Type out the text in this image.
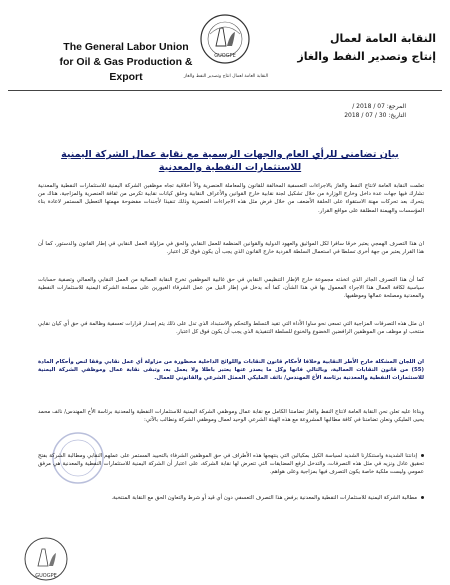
The General Labor Union
for Oil & Gas Production & Export
GUOGPE
النقابة العامة لعمال انتاج وتصدير النفط والغاز
النقابة العامة لعمال
إنتاج وتصدير النفط والغاز
المرجع: 07 / 2018 /
التاريخ: 30 / 07 / 2018
بيان تضامني للرأي العام والجهات الرسمية مع نقابة عمال الشركة اليمنية
للاستثمارات النفطية والمعدنية
تعلمت النقابة العامة لانتاج النفط والغاز بالاجراءات التعسفية المخالفة للقانون والمعاملة العنصرية والأ أخلاقية تجاه موظفين الشركة اليمنية للاستثمارات النفطية والمعدنية تشارك فيها جهات عدة داخل وخارج الوزارة من خلال تشكيل لجنة نقابية خارج القوانين والأعراف النقابية وخلق كيانات نقابية تكرس من ثقافة العنصرية والمزاجية، هناك من يتحرك بعد تحركات مهنة الاستقواء على الحلقة الأضعف من خلال فرض مثل هذه الاجراءات العنصرية وذلك تنفيذا لأجندات مفضوحة مهمتها التعطيل المستمر لاعادة بناء المؤسسات والهيمنة المطلقة على مواقع القرار.
ان هذا التصرف الهمجي يعتبر خرقا سافرا لكل المواثيق والعهود الدولية والقوانين المنظمة للعمل النقابي والحق في مزاولة العمل النقابي في إطار القانون والدستور، كما أن هذا القرار يعتبر من جهة أخرى تسلطا في استعمال السلطة الفردية خارج القانون الذي يجب أن يكون فوق كل اعتبار.
كما أن هذا التصرف الجائر الذي اتخذته مجموعة خارج الإطار التنظيمي النقابي في حق غالبية الموظفين تخرج النقابة العمالية من العمل النقابي والعمالي وتصفية حسابات سياسية لكافة العمال هذا الاجراء المعمول بها في هذا الشأن، كما أنه يدخل في إطار النيل من عمل الشرفاء الغيورين على مصلحة الشركة اليمنية للاستثمارات النفطية والمعدنية ومصلحة عمالها وموظفيها.
ان مثل هذه التصرفات المزاجية التي تسعى نحو ساوا الأداة التي تفيد التسلط والتحكم والاستبداد الذي تدل على ذلك يتم إصدار قرارات تعسفية وظالمة في حق أي كيان نقابي منتخب او موظف من الموظفين الرافضين الخضوع والخنوع للسلطة التنفيذية الذي يجب أن يكون فوق كل اعتبار.
ان اللجان المشكلة خارج الأطر النقابية وخلافا لأحكام قانون النقابات واللوائح الداخلية محظورة من مزاولة أي عمل نقابي وفقا لنص وأحكام المادة (55) من قانون النقابات العمالية، وبالتالي فانها وكل ما يصدر عنها يعتبر باطلا ولا يعمل به، وتبقى نقابة عمال وموظفي الشركة اليمنية للاستثمارات النفطية والمعدنية برئاسة الأخ المهندس/ نائف المليكي الممثل الشرعي والقانوني للعمال.
وبناءا عليه تعلن نحن النقابة العامة لانتاج النفط والغاز تضامننا الكامل مع نقابة عمال وموظفي الشركة اليمنية للاستثمارات النفطية والمعدنية برئاسة الأخ المهندس/ نائف محمد يحيى المليكي ونعلن تضامننا في كافة مطالبها المشروعة مع هذه الهيئة الشرعي الوحيد لعمال وموظفي الشركة ونطالب بالآتي:
إدانتنا الشديدة واستنكارنا الشديد لسياسة الكيل بمكيالين التي ينتهجها هذه الأطراف في حق الموظفين الشرفاء بالتحييد المستمر على عملهم النقابي ومطالبة الشركة بفتح تحقيق عادل ونزيه في مثل هذه التصرفات، والتدخل لرفع المضايقات التي تتعرض لها نقابة الشركة، على اعتبار أن الشركة اليمنية للاستثمارات النفطية والمعدنية هي مرفق عمومي وليست ملكية خاصة يكون التصرف فيها بمزاجية وعلى هواهم.
مطالبة الشركة اليمنية للاستثمارات النفطية والمعدنية برفض هذا التصرف التعسفي دون أي قيد أو شرط والتعاون الحق مع النقابة المنتخبة.
GUOGPE
